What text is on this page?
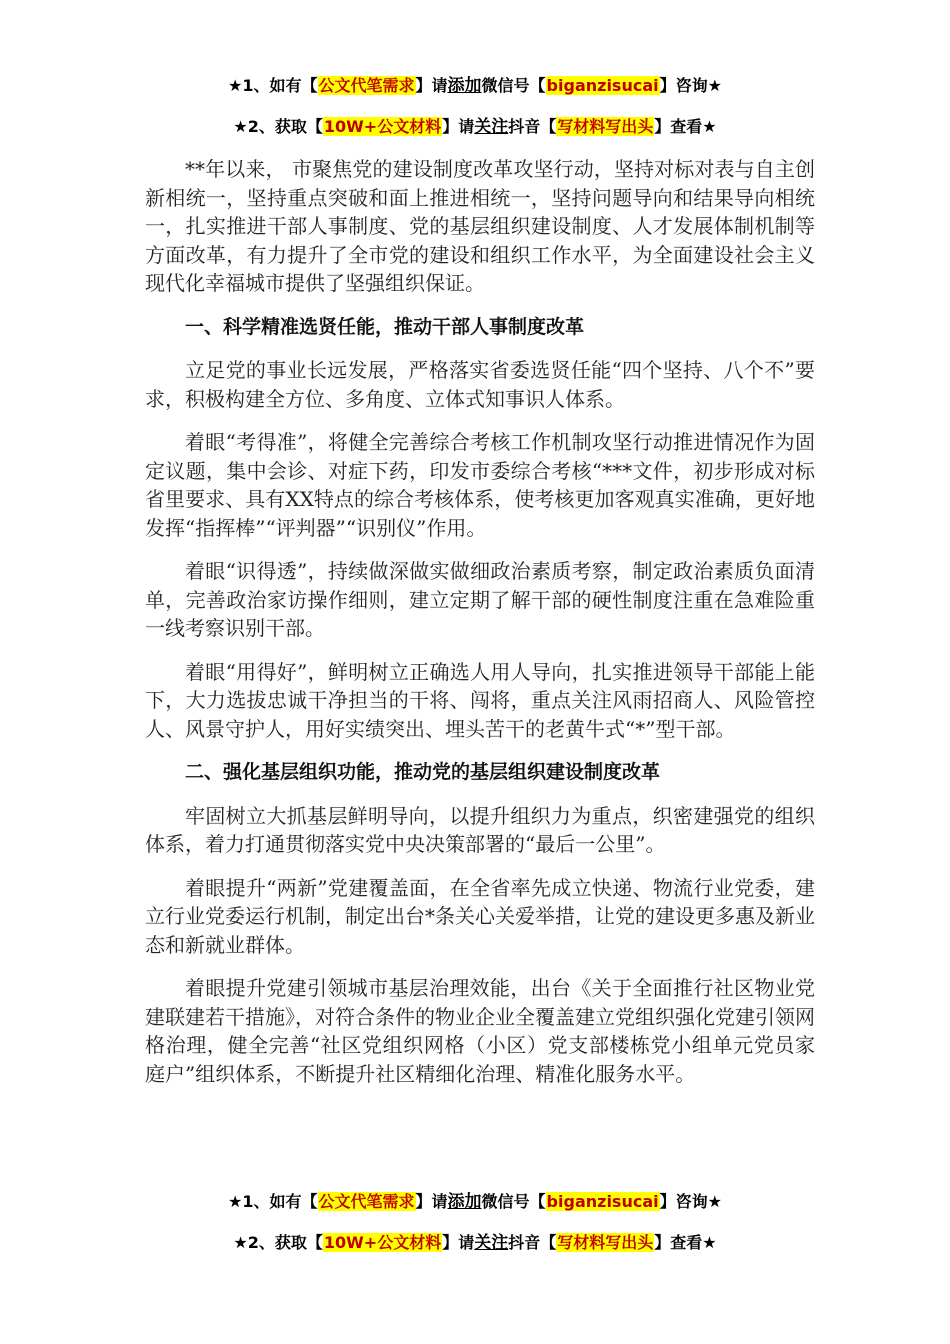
★1、如有【公文代笔需求】请添加微信号【biganzisucai】咨询★
★2、获取【10W+公文材料】请关注抖音【写材料写出头】查看★

**年以来， 市聚焦党的建设制度改革攻坚行动，坚持对标对表与自主创新相统一，坚持重点突破和面上推进相统一，坚持问题导向和结果导向相统一，扎实推进干部人事制度、党的基层组织建设制度、人才发展体制机制等方面改革，有力提升了全市党的建设和组织工作水平，为全面建设社会主义现代化幸福城市提供了坚强组织保证。

一、科学精准选贤任能，推动干部人事制度改革

立足党的事业长远发展，严格落实省委选贤任能“四个坚持、八个不”要求，积极构建全方位、多角度、立体式知事识人体系。

着眼“考得准”，将健全完善综合考核工作机制攻坚行动推进情况作为固定议题，集中会诊、对症下药，印发市委综合考核“***文件，初步形成对标省里要求、具有XX特点的综合考核体系，使考核更加客观真实准确，更好地发挥“指挥棒”“评判器”“识别仪”作用。

着眼“识得透”，持续做深做实做细政治素质考察，制定政治素质负面清单，完善政治家访操作细则，建立定期了解干部的硬性制度注重在急难险重一线考察识别干部。

着眼“用得好”，鲜明树立正确选人用人导向，扎实推进领导干部能上能下，大力选拔忠诚干净担当的干将、闯将，重点关注风雨招商人、风险管控人、风景守护人，用好实绩突出、埋头苦干的老黄牛式“*”型干部。

二、强化基层组织功能，推动党的基层组织建设制度改革

牢固树立大抓基层鲜明导向，以提升组织力为重点，织密建强党的组织体系，着力打通贯彻落实党中央决策部署的“最后一公里”。

着眼提升“两新”党建覆盖面，在全省率先成立快递、物流行业党委，建立行业党委运行机制，制定出台*条关心关爱举措，让党的建设更多惠及新业态和新就业群体。

着眼提升党建引领城市基层治理效能，出台《关于全面推行社区物业党建联建若干措施》，对符合条件的物业企业全覆盖建立党组织强化党建引领网格治理，健全完善“社区党组织网格（小区）党支部楼栋党小组单元党员家庭户”组织体系，不断提升社区精细化治理、精准化服务水平。

★1、如有【公文代笔需求】请添加微信号【biganzisucai】咨询★
★2、获取【10W+公文材料】请关注抖音【写材料写出头】查看★
